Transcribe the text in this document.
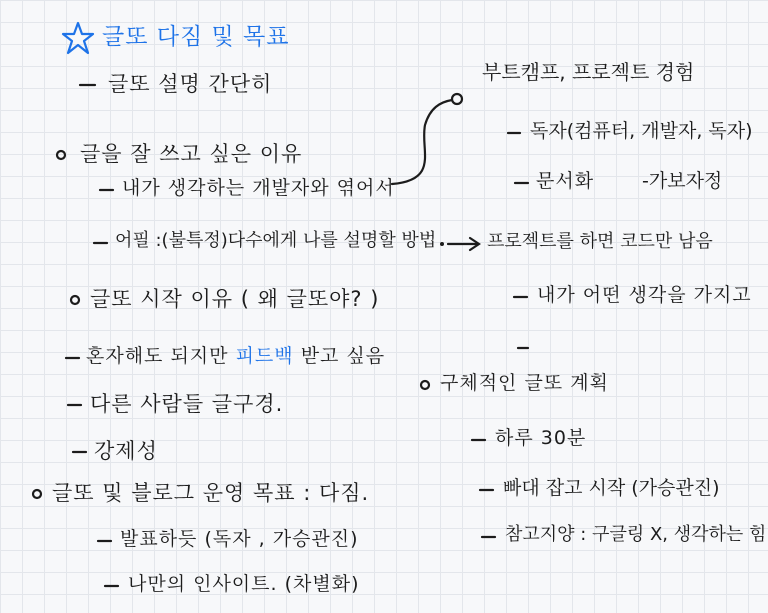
글또 다짐 및 목표
글또 설명 간단히
글을 잘 쓰고 싶은 이유
내가 생각하는 개발자와 엮어서
어필 :(불특정)다수에게 나를 설명할 방법
글또 시작 이유 ( 왜 글또야? )
혼자해도 되지만 피드백 받고 싶음
다른 사람들 글구경.
강제성
글또 및 블로그 운영 목표 : 다짐.
발표하듯 (독자 , 가승관진)
나만의 인사이트. (차별화)
부트캠프, 프로젝트 경험
독자(컴퓨터, 개발자, 독자)
문서화	-가보자정
프로젝트를 하면 코드만 남음
내가 어떤 생각을 가지고
구체적인 글또 계획
하루 30분
빠대 잡고 시작 (가승관진)
참고지양 : 구글링 X, 생각하는 힘
